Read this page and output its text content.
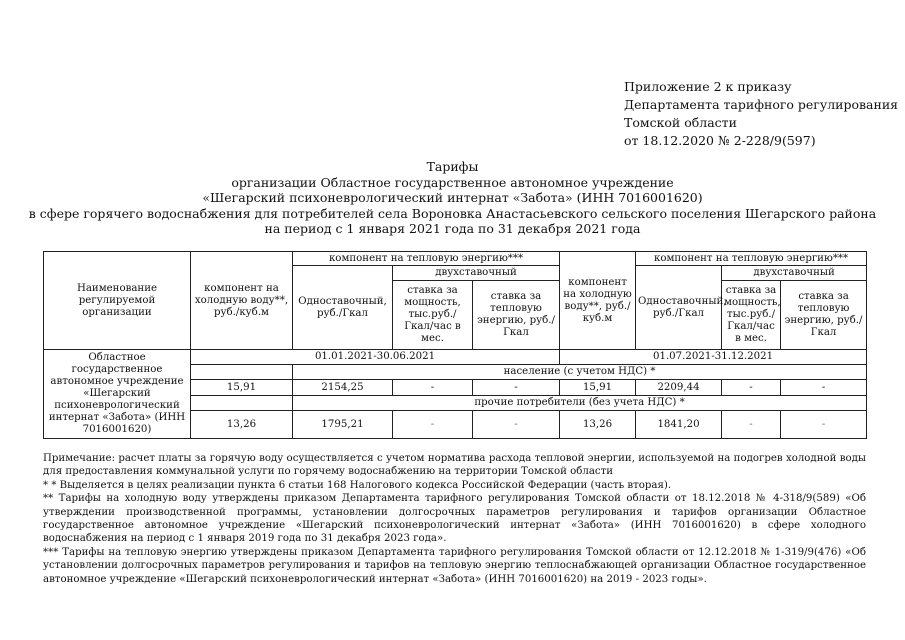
Приложение 2 к приказу
Департамента тарифного регулирования
Томской области
от 18.12.2020 № 2-228/9(597)
Тарифы
организации Областное государственное автономное учреждение
«Шегарский психоневрологический интернат «Забота» (ИНН 7016001620)
в сфере горячего водоснабжения для потребителей села Вороновка Анастасьевского сельского поселения Шегарского района
на период с 1 января 2021 года по 31 декабря 2021 года
Наименование регулируемой организации	компонент на холодную воду**, руб./куб.м	компонент на тепловую энергию***			компонент на холодную воду**, руб./куб.м	компонент на тепловую энергию***		
		Одноставочный, руб./Гкал	двухставочный			Одноставочный, руб./Гкал	двухставочный	
			ставка за мощность, тыс.руб./ Гкал/час в мес.	ставка за тепловую энергию, руб./Гкал			ставка за мощность, тыс.руб./ Гкал/час в мес.	ставка за тепловую энергию, руб./Гкал
Областное государственное автономное учреждение «Шегарский психоневрологический интернат «Забота» (ИНН 7016001620)	01.01.2021-30.06.2021				01.07.2021-31.12.2021			
		население (с учетом НДС) *						
	15,91	2154,25	-	-	15,91	2209,44	-	-
		прочие потребители (без учета НДС) *						
	13,26	1795,21	-	-	13,26	1841,20	-	-

Примечание: расчет платы за горячую воду осуществляется с учетом норматива расхода тепловой энергии, используемой на подогрев холодной воды для предоставления коммунальной услуги по горячему водоснабжению на территории Томской области

* * Выделяется в целях реализации пункта 6 статьи 168 Налогового кодекса Российской Федерации (часть вторая).

** Тарифы на холодную воду утверждены приказом Департамента тарифного регулирования Томской области от 18.12.2018 № 4-318/9(589) «Об утверждении производственной программы, установлении долгосрочных параметров регулирования и тарифов организации Областное государственное автономное учреждение «Шегарский психоневрологический интернат «Забота» (ИНН 7016001620) в сфере холодного водоснабжения на период с 1 января 2019 года по 31 декабря 2023 года».

*** Тарифы на тепловую энергию утверждены приказом Департамента тарифного регулирования Томской области от 12.12.2018 № 1-319/9(476) «Об установлении долгосрочных параметров регулирования и тарифов на тепловую энергию теплоснабжающей организации Областное государственное автономное учреждение «Шегарский психоневрологический интернат «Забота» (ИНН 7016001620) на 2019 - 2023 годы».
